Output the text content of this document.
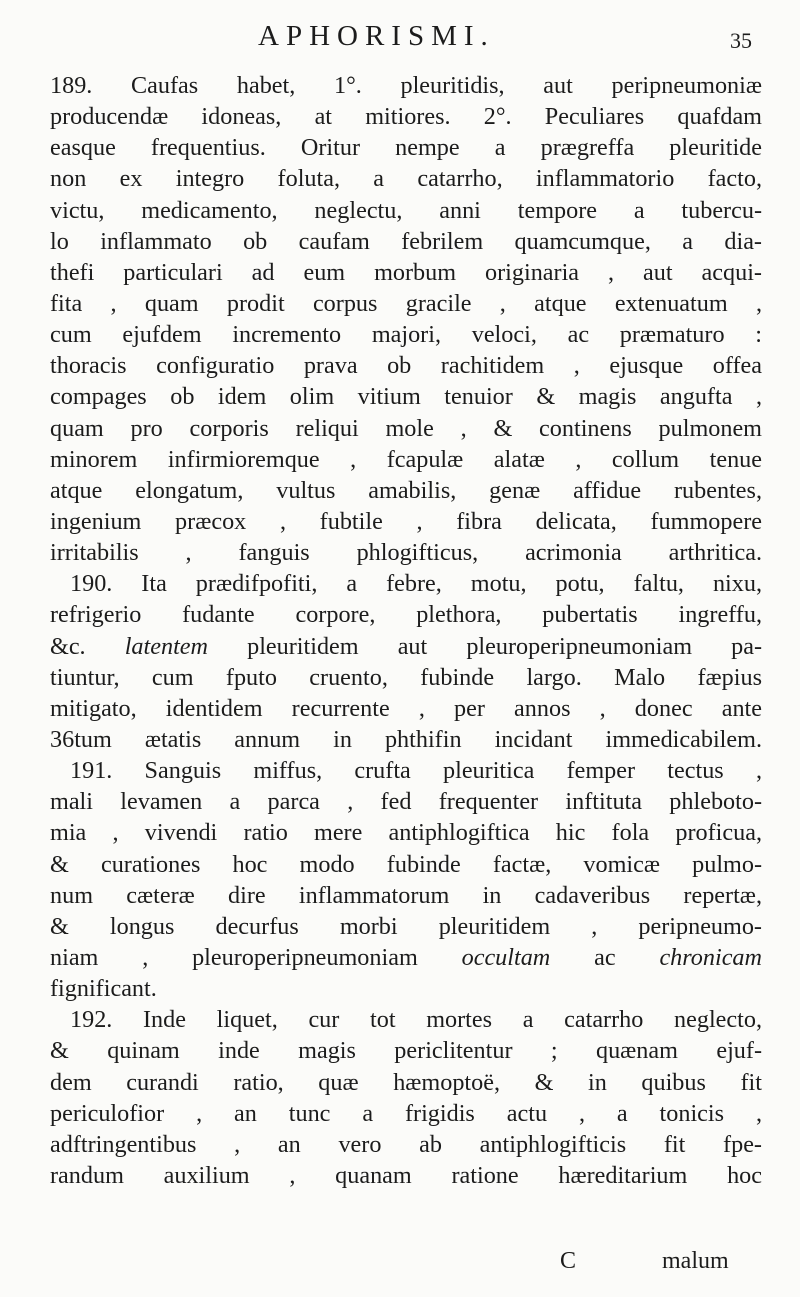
APHORISMI.	35
189. Caufas habet, 1°. pleuritidis, aut peripneumoniæ
producendæ idoneas, at mitiores. 2°. Peculiares quafdam
easque frequentius. Oritur nempe a prægreffa pleuritide
non ex integro foluta, a catarrho, inflammatorio facto,
victu, medicamento, neglectu, anni tempore a tubercu-
lo inflammato ob caufam febrilem quamcumque, a dia-
thefi particulari ad eum morbum originaria , aut acqui-
fita , quam prodit corpus gracile , atque extenuatum ,
cum ejufdem incremento majori, veloci, ac præmaturo :
thoracis configuratio prava ob rachitidem , ejusque offea
compages ob idem olim vitium tenuior & magis angufta ,
quam pro corporis reliqui mole , & continens pulmonem
minorem infirmioremque , fcapulæ alatæ , collum tenue
atque elongatum, vultus amabilis, genæ affidue rubentes,
ingenium præcox , fubtile , fibra delicata, fummopere
irritabilis , fanguis phlogifticus, acrimonia arthritica.
190. Ita prædifpofiti, a febre, motu, potu, faltu, nixu,
refrigerio fudante corpore, plethora, pubertatis ingreffu,
&c. latentem pleuritidem aut pleuroperipneumoniam pa-
tiuntur, cum fputo cruento, fubinde largo. Malo fæpius
mitigato, identidem recurrente , per annos , donec ante
36tum ætatis annum in phthifin incidant immedicabilem.
191. Sanguis miffus, crufta pleuritica femper tectus ,
mali levamen a parca , fed frequenter inftituta phleboto-
mia , vivendi ratio mere antiphlogiftica hic fola proficua,
& curationes hoc modo fubinde factæ, vomicæ pulmo-
num cæteræ dire inflammatorum in cadaveribus repertæ,
& longus decurfus morbi pleuritidem , peripneumo-
niam , pleuroperipneumoniam occultam ac chronicam
fignificant.
192. Inde liquet, cur tot mortes a catarrho neglecto,
& quinam inde magis periclitentur ; quænam ejuf-
dem curandi ratio, quæ hæmoptoë, & in quibus fit
periculofior , an tunc a frigidis actu , a tonicis ,
adftringentibus , an vero ab antiphlogifticis fit fpe-
randum auxilium , quanam ratione hæreditarium hoc
C	malum
